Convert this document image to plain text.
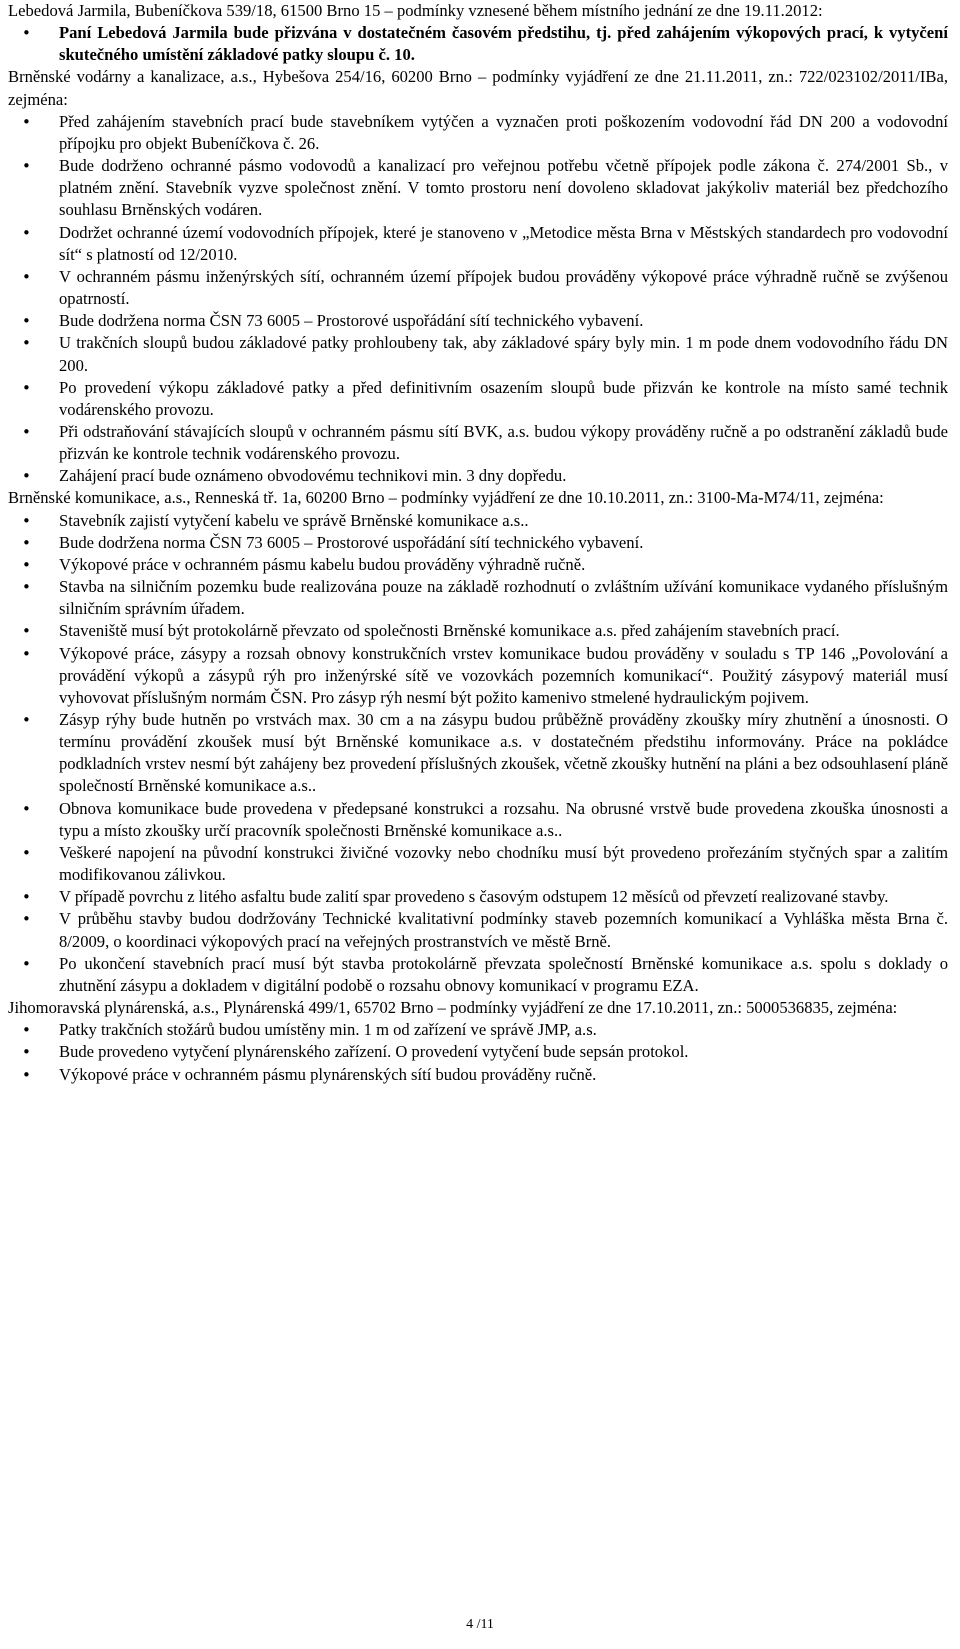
Lebedová Jarmila, Bubeníčkova 539/18, 61500 Brno 15 – podmínky vznesené během místního jednání ze dne 19.11.2012:

• Paní Lebedová Jarmila bude přizvána v dostatečném časovém předstihu, tj. před zahájením výkopových prací, k vytyčení skutečného umístění základové patky sloupu č. 10.

Brněnské vodárny a kanalizace, a.s., Hybešova 254/16, 60200 Brno – podmínky vyjádření ze dne 21.11.2011, zn.: 722/023102/2011/IBa, zejména:

• Před zahájením stavebních prací bude stavebníkem vytýčen a vyznačen proti poškozením vodovodní řád DN 200 a vodovodní přípojku pro objekt Bubeníčkova č. 26.
• Bude dodrženo ochranné pásmo vodovodů a kanalizací pro veřejnou potřebu včetně přípojek podle zákona č. 274/2001 Sb., v platném znění. Stavebník vyzve společnost znění. V tomto prostoru není dovoleno skladovat jakýkoliv materiál bez předchozího souhlasu Brněnských vodáren.
• Dodržet ochranné území vodovodních přípojek, které je stanoveno v „Metodice města Brna v Městských standardech pro vodovodní sít“ s platností od 12/2010.
• V ochranném pásmu inženýrských sítí, ochranném území přípojek budou prováděny výkopové práce výhradně ručně se zvýšenou opatrností.
• Bude dodržena norma ČSN 73 6005 – Prostorové uspořádání sítí technického vybavení.
• U trakčních sloupů budou základové patky prohloubeny tak, aby základové spáry byly min. 1 m pode dnem vodovodního řádu DN 200.
• Po provedení výkopu základové patky a před definitivním osazením sloupů bude přizván ke kontrole na místo samé technik vodárenského provozu.
• Při odstraňování stávajících sloupů v ochranném pásmu sítí BVK, a.s. budou výkopy prováděny ručně a po odstranění základů bude přizván ke kontrole technik vodárenského provozu.
• Zahájení prací bude oznámeno obvodovému technikovi min. 3 dny dopředu.

Brněnské komunikace, a.s., Renneská tř. 1a, 60200 Brno – podmínky vyjádření ze dne 10.10.2011, zn.: 3100-Ma-M74/11, zejména:

• Stavebník zajistí vytyčení kabelu ve správě Brněnské komunikace a.s..
• Bude dodržena norma ČSN 73 6005 – Prostorové uspořádání sítí technického vybavení.
• Výkopové práce v ochranném pásmu kabelu budou prováděny výhradně ručně.
• Stavba na silničním pozemku bude realizována pouze na základě rozhodnutí o zvláštním užívání komunikace vydaného příslušným silničním správním úřadem.
• Staveniště musí být protokolárně převzato od společnosti Brněnské komunikace a.s. před zahájením stavebních prací.
• Výkopové práce, zásypy a rozsah obnovy konstrukčních vrstev komunikace budou prováděny v souladu s TP 146 „Povolování a provádění výkopů a zásypů rýh pro inženýrské sítě ve vozovkách pozemních komunikací“. Použitý zásypový materiál musí vyhovovat příslušným normám ČSN. Pro zásyp rýh nesmí být požito kamenivo stmelené hydraulickým pojivem.
• Zásyp rýhy bude hutněn po vrstvách max. 30 cm a na zásypu budou průběžně prováděny zkoušky míry zhutnění a únosnosti. O termínu provádění zkoušek musí být Brněnské komunikace a.s. v dostatečném předstihu informovány. Práce na pokládce podkladních vrstev nesmí být zahájeny bez provedení příslušných zkoušek, včetně zkoušky hutnění na pláni a bez odsouhlasení pláně společností Brněnské komunikace a.s..
• Obnova komunikace bude provedena v předepsané konstrukci a rozsahu. Na obrusné vrstvě bude provedena zkouška únosnosti a typu a místo zkoušky určí pracovník společnosti Brněnské komunikace a.s..
• Veškeré napojení na původní konstrukci živičné vozovky nebo chodníku musí být provedeno prořezáním styčných spar a zalitím modifikovanou zálivkou.
• V případě povrchu z litého asfaltu bude zalití spar provedeno s časovým odstupem 12 měsíců od převzetí realizované stavby.
• V průběhu stavby budou dodržovány Technické kvalitativní podmínky staveb pozemních komunikací a Vyhláška města Brna č. 8/2009, o koordinaci výkopových prací na veřejných prostranstvích ve městě Brně.
• Po ukončení stavebních prací musí být stavba protokolárně převzata společností Brněnské komunikace a.s. spolu s doklady o zhutnění zásypu a dokladem v digitální podobě o rozsahu obnovy komunikací v programu EZA.

Jihomoravská plynárenská, a.s., Plynárenská 499/1, 65702 Brno – podmínky vyjádření ze dne 17.10.2011, zn.: 5000536835, zejména:

• Patky trakčních stožárů budou umístěny min. 1 m od zařízení ve správě JMP, a.s.
• Bude provedeno vytyčení plynárenského zařízení. O provedení vytyčení bude sepsán protokol.
• Výkopové práce v ochranném pásmu plynárenských sítí budou prováděny ručně.
4 /11
